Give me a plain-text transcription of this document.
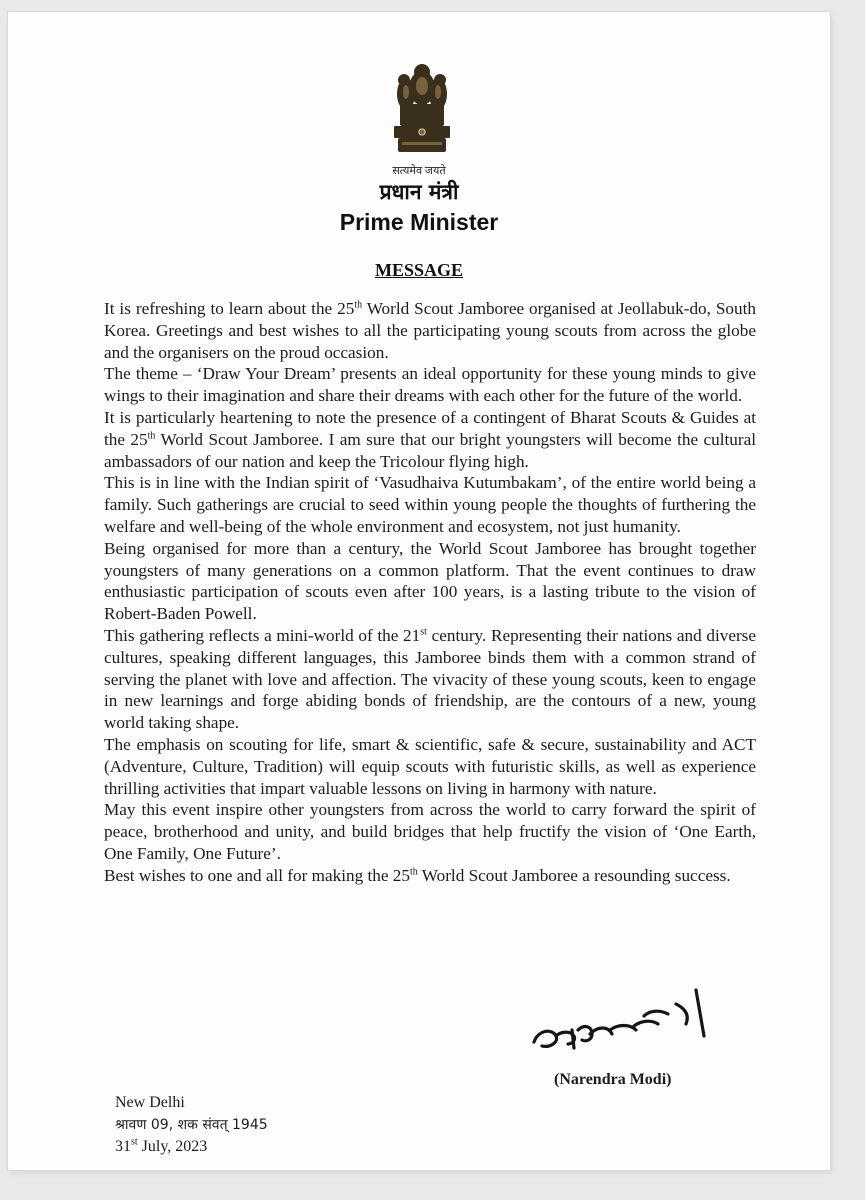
सत्यमेव जयते
प्रधान मंत्री
Prime Minister
MESSAGE

It is refreshing to learn about the 25th World Scout Jamboree organised at Jeollabuk-do, South Korea. Greetings and best wishes to all the participating young scouts from across the globe and the organisers on the proud occasion.

The theme – ‘Draw Your Dream’ presents an ideal opportunity for these young minds to give wings to their imagination and share their dreams with each other for the future of the world.

It is particularly heartening to note the presence of a contingent of Bharat Scouts & Guides at the 25th World Scout Jamboree. I am sure that our bright youngsters will become the cultural ambassadors of our nation and keep the Tricolour flying high.

This is in line with the Indian spirit of ‘Vasudhaiva Kutumbakam’, of the entire world being a family. Such gatherings are crucial to seed within young people the thoughts of furthering the welfare and well-being of the whole environment and ecosystem, not just humanity.

Being organised for more than a century, the World Scout Jamboree has brought together youngsters of many generations on a common platform. That the event continues to draw enthusiastic participation of scouts even after 100 years, is a lasting tribute to the vision of Robert-Baden Powell.

This gathering reflects a mini-world of the 21st century. Representing their nations and diverse cultures, speaking different languages, this Jamboree binds them with a common strand of serving the planet with love and affection. The vivacity of these young scouts, keen to engage in new learnings and forge abiding bonds of friendship, are the contours of a new, young world taking shape.

The emphasis on scouting for life, smart & scientific, safe & secure, sustainability and ACT (Adventure, Culture, Tradition) will equip scouts with futuristic skills, as well as experience thrilling activities that impart valuable lessons on living in harmony with nature.

May this event inspire other youngsters from across the world to carry forward the spirit of peace, brotherhood and unity, and build bridges that help fructify the vision of ‘One Earth, One Family, One Future’.

Best wishes to one and all for making the 25th World Scout Jamboree a resounding success.

(Narendra Modi)
New Delhi
श्रावण 09, शक संवत् 1945
31st July, 2023
